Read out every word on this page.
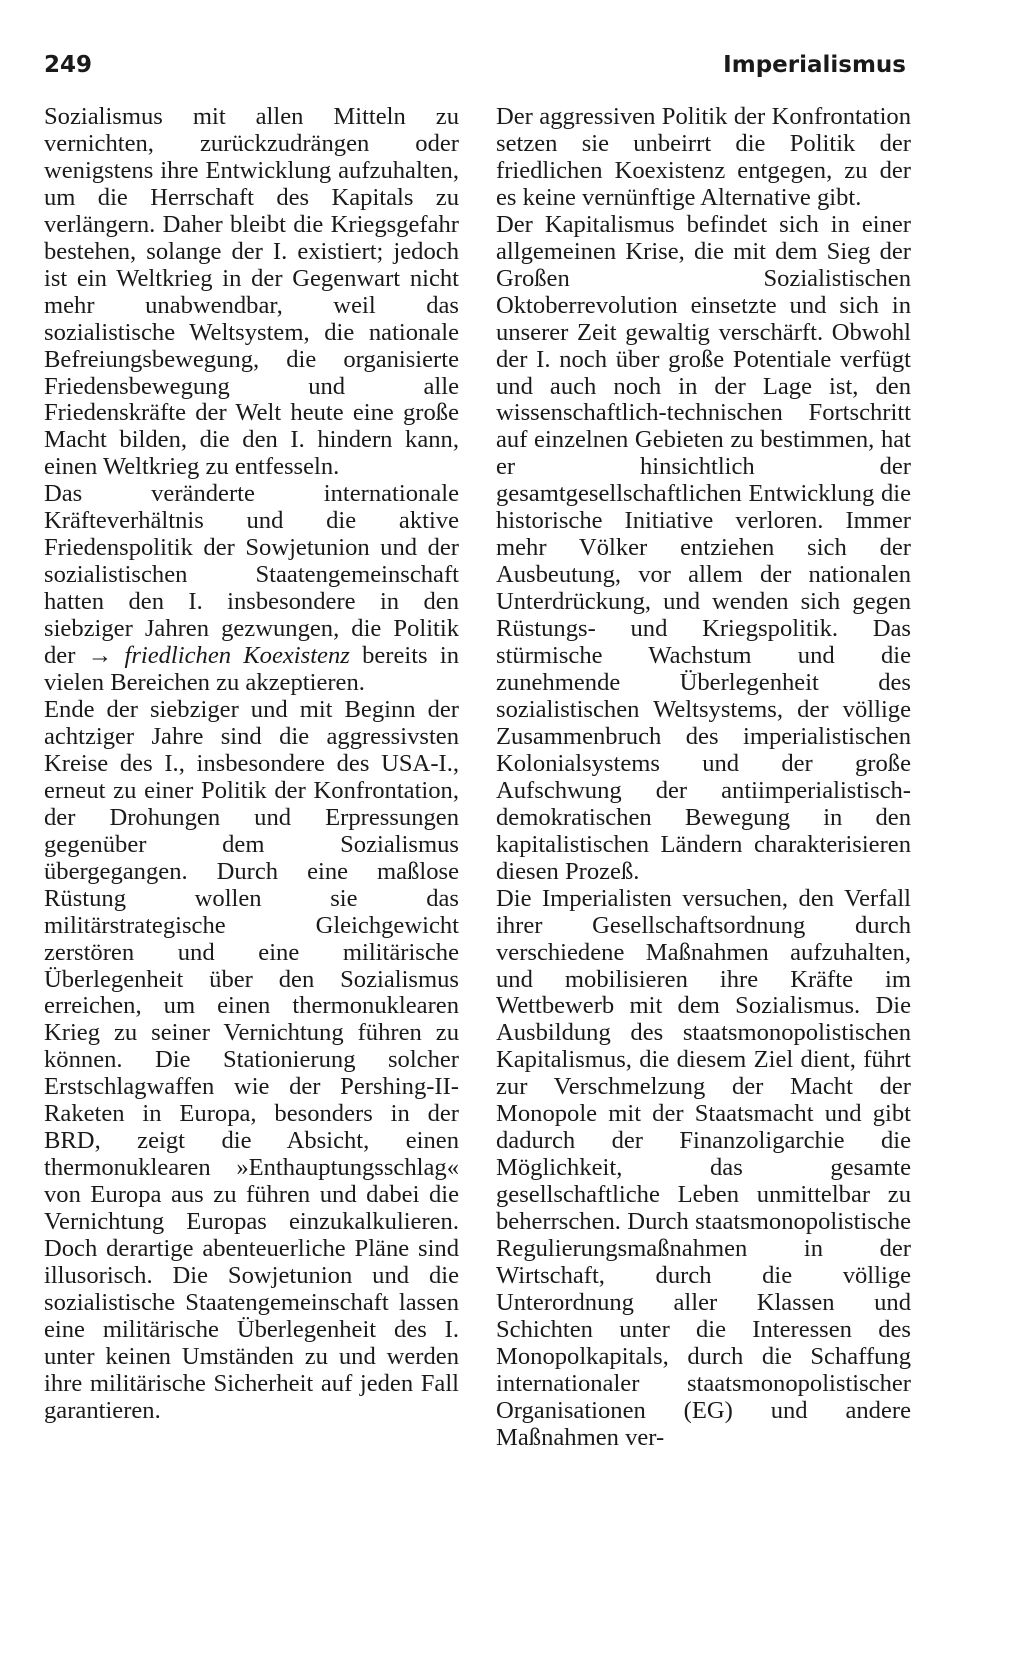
249	Imperialismus

Sozialismus mit allen Mitteln zu vernichten, zurückzudrängen oder wenigstens ihre Entwicklung aufzuhalten, um die Herrschaft des Kapitals zu verlängern. Daher bleibt die Kriegsgefahr bestehen, solange der I. existiert; jedoch ist ein Weltkrieg in der Gegenwart nicht mehr unabwendbar, weil das sozialistische Weltsystem, die nationale Befreiungsbewegung, die organisierte Friedensbewegung und alle Friedenskräfte der Welt heute eine große Macht bilden, die den I. hindern kann, einen Weltkrieg zu entfesseln.

Das veränderte internationale Kräfteverhältnis und die aktive Friedenspolitik der Sowjetunion und der sozialistischen Staatengemeinschaft hatten den I. insbesondere in den siebziger Jahren gezwungen, die Politik der → friedlichen Koexistenz bereits in vielen Bereichen zu akzeptieren.

Ende der siebziger und mit Beginn der achtziger Jahre sind die aggressivsten Kreise des I., insbesondere des USA-I., erneut zu einer Politik der Konfrontation, der Drohungen und Erpressungen gegenüber dem Sozialismus übergegangen. Durch eine maßlose Rüstung wollen sie das militärstrategische Gleichgewicht zerstören und eine militärische Überlegenheit über den Sozialismus erreichen, um einen thermonuklearen Krieg zu seiner Vernichtung führen zu können. Die Stationierung solcher Erstschlagwaffen wie der Pershing-II-Raketen in Europa, besonders in der BRD, zeigt die Absicht, einen thermonuklearen »Enthauptungsschlag« von Europa aus zu führen und dabei die Vernichtung Europas einzukalkulieren. Doch derartige abenteuerliche Pläne sind illusorisch. Die Sowjetunion und die sozialistische Staatengemeinschaft lassen eine militärische Überlegenheit des I. unter keinen Umständen zu und werden ihre militärische Sicherheit auf jeden Fall garantieren.

Der aggressiven Politik der Konfrontation setzen sie unbeirrt die Politik der friedlichen Koexistenz entgegen, zu der es keine vernünftige Alternative gibt.

Der Kapitalismus befindet sich in einer allgemeinen Krise, die mit dem Sieg der Großen Sozialistischen Oktoberrevolution einsetzte und sich in unserer Zeit gewaltig verschärft. Obwohl der I. noch über große Potentiale verfügt und auch noch in der Lage ist, den wissenschaftlich-technischen Fortschritt auf einzelnen Gebieten zu bestimmen, hat er hinsichtlich der gesamtgesellschaftlichen Entwicklung die historische Initiative verloren. Immer mehr Völker entziehen sich der Ausbeutung, vor allem der nationalen Unterdrückung, und wenden sich gegen Rüstungs- und Kriegspolitik. Das stürmische Wachstum und die zunehmende Überlegenheit des sozialistischen Weltsystems, der völlige Zusammenbruch des imperialistischen Kolonialsystems und der große Aufschwung der antiimperialistisch-demokratischen Bewegung in den kapitalistischen Ländern charakterisieren diesen Prozeß.

Die Imperialisten versuchen, den Verfall ihrer Gesellschaftsordnung durch verschiedene Maßnahmen aufzuhalten, und mobilisieren ihre Kräfte im Wettbewerb mit dem Sozialismus. Die Ausbildung des staatsmonopolistischen Kapitalismus, die diesem Ziel dient, führt zur Verschmelzung der Macht der Monopole mit der Staatsmacht und gibt dadurch der Finanzoligarchie die Möglichkeit, das gesamte gesellschaftliche Leben unmittelbar zu beherrschen. Durch staatsmonopolistische Regulierungsmaßnahmen in der Wirtschaft, durch die völlige Unterordnung aller Klassen und Schichten unter die Interessen des Monopolkapitals, durch die Schaffung internationaler staatsmonopolistischer Organisationen (EG) und andere Maßnahmen ver-
